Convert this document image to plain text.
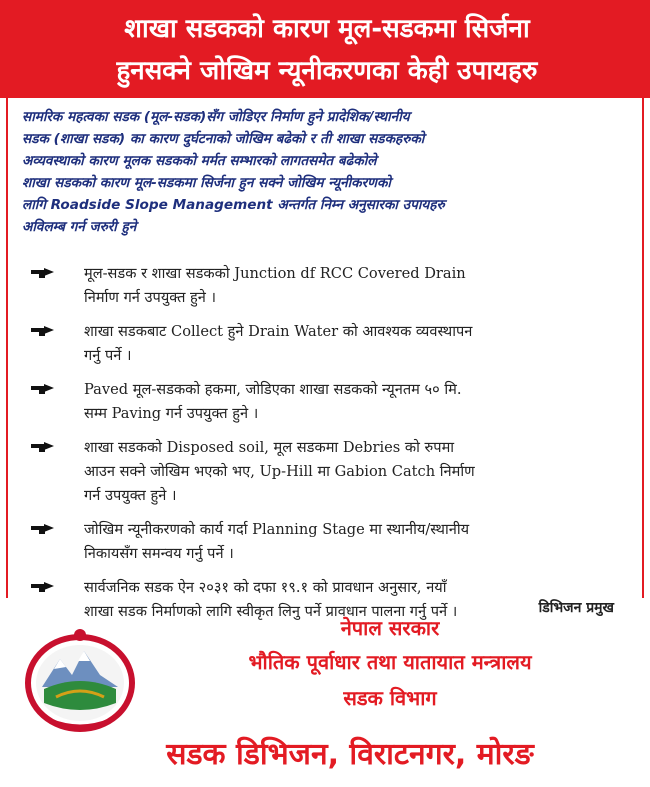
शाखा सडकको कारण मूल-सडकमा सिर्जना
हुनसक्ने जोखिम न्यूनीकरणका केही उपायहरु
सामरिक महत्वका सडक (मूल-सडक)सँग जोडिएर निर्माण हुने प्रादेशिक/स्थानीय
सडक (शाखा सडक) का कारण दुर्घटनाको जोखिम बढेको र ती शाखा सडकहरुको
अव्यवस्थाको कारण मूलक सडकको मर्मत सम्भारको लागतसमेत बढेकोले
शाखा सडकको कारण मूल-सडकमा सिर्जना हुन सक्ने जोखिम न्यूनीकरणको
लागि Roadside Slope Management अन्तर्गत निम्न अनुसारका उपायहरु
अविलम्ब गर्न जरुरी हुने
मूल-सडक र शाखा सडकको Junction df RCC Covered Drain
निर्माण गर्न उपयुक्त हुने ।
शाखा सडकबाट Collect हुने Drain Water को आवश्यक व्यवस्थापन
गर्नु पर्ने ।
Paved मूल-सडकको हकमा, जोडिएका शाखा सडकको न्यूनतम ५० मि.
सम्म Paving गर्न उपयुक्त हुने ।
शाखा सडकको Disposed soil, मूल सडकमा Debries को रुपमा
आउन सक्ने जोखिम भएको भए, Up-Hill मा Gabion Catch निर्माण
गर्न उपयुक्त हुने ।
जोखिम न्यूनीकरणको कार्य गर्दा Planning Stage मा स्थानीय/स्थानीय
निकायसँग समन्वय गर्नु पर्ने ।
सार्वजनिक सडक ऐन २०३१ को दफा १९.१ को प्रावधान अनुसार, नयाँ
शाखा सडक निर्माणको लागि स्वीकृत लिनु पर्ने प्रावधान पालना गर्नु पर्ने ।	डिभिजन प्रमुख
नेपाल सरकार
भौतिक पूर्वाधार तथा यातायात मन्त्रालय
सडक विभाग
सडक डिभिजन, विराटनगर, मोरङ
